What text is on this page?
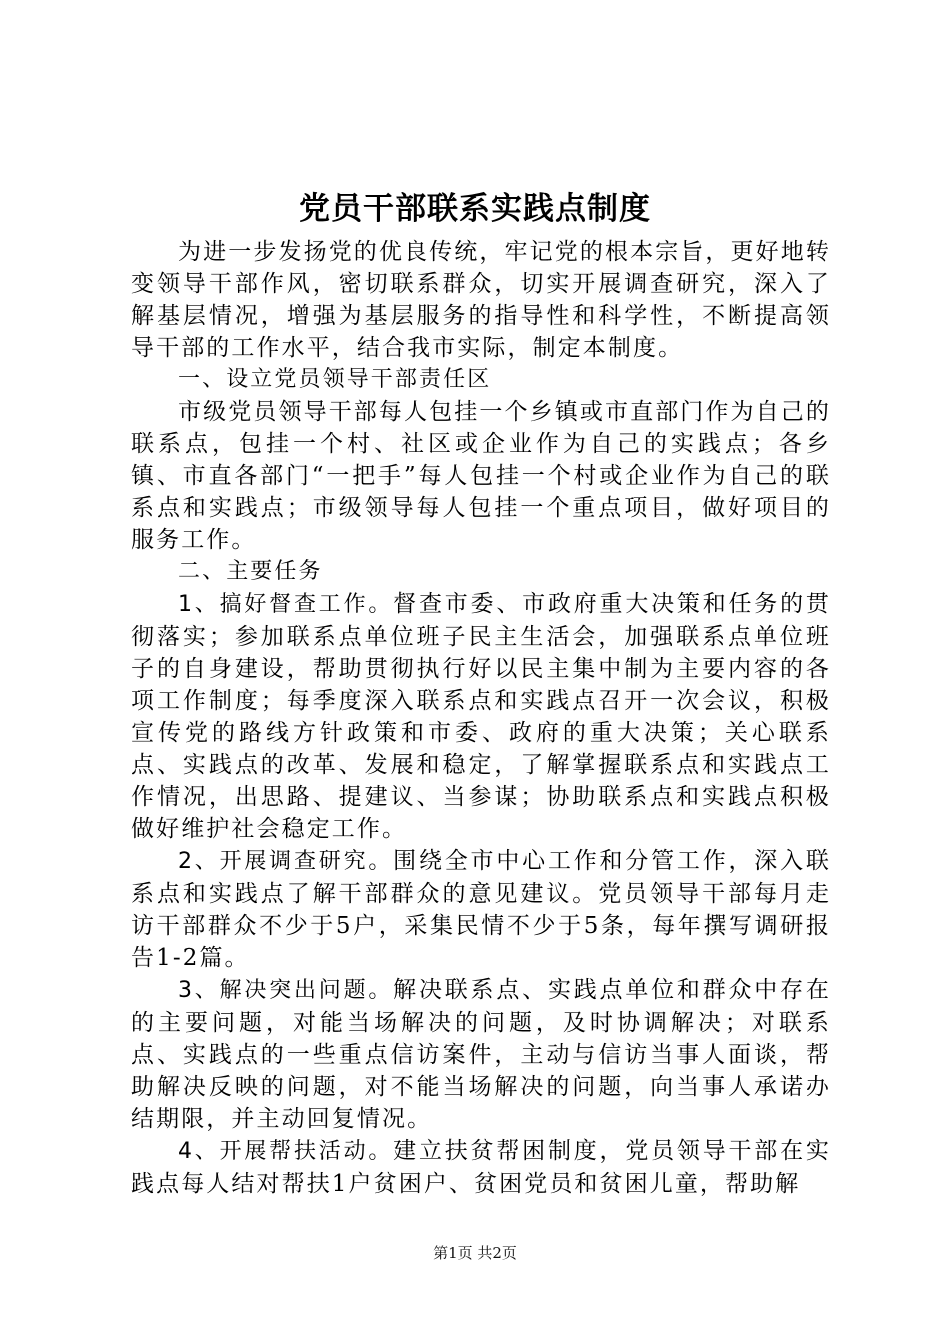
党员干部联系实践点制度

为进一步发扬党的优良传统，牢记党的根本宗旨，更好地转变领导干部作风，密切联系群众，切实开展调查研究，深入了解基层情况，增强为基层服务的指导性和科学性，不断提高领导干部的工作水平，结合我市实际，制定本制度。

一、设立党员领导干部责任区

市级党员领导干部每人包挂一个乡镇或市直部门作为自己的联系点，包挂一个村、社区或企业作为自己的实践点；各乡镇、市直各部门“一把手”每人包挂一个村或企业作为自己的联系点和实践点；市级领导每人包挂一个重点项目，做好项目的服务工作。

二、主要任务

1、搞好督查工作。督查市委、市政府重大决策和任务的贯彻落实；参加联系点单位班子民主生活会，加强联系点单位班子的自身建设，帮助贯彻执行好以民主集中制为主要内容的各项工作制度；每季度深入联系点和实践点召开一次会议，积极宣传党的路线方针政策和市委、政府的重大决策；关心联系点、实践点的改革、发展和稳定，了解掌握联系点和实践点工作情况，出思路、提建议、当参谋；协助联系点和实践点积极做好维护社会稳定工作。

2、开展调查研究。围绕全市中心工作和分管工作，深入联系点和实践点了解干部群众的意见建议。党员领导干部每月走访干部群众不少于5户，采集民情不少于5条，每年撰写调研报告1-2篇。

3、解决突出问题。解决联系点、实践点单位和群众中存在的主要问题，对能当场解决的问题，及时协调解决；对联系点、实践点的一些重点信访案件，主动与信访当事人面谈，帮助解决反映的问题，对不能当场解决的问题，向当事人承诺办结期限，并主动回复情况。

4、开展帮扶活动。建立扶贫帮困制度，党员领导干部在实践点每人结对帮扶1户贫困户、贫困党员和贫困儿童，帮助解

第1页 共2页
